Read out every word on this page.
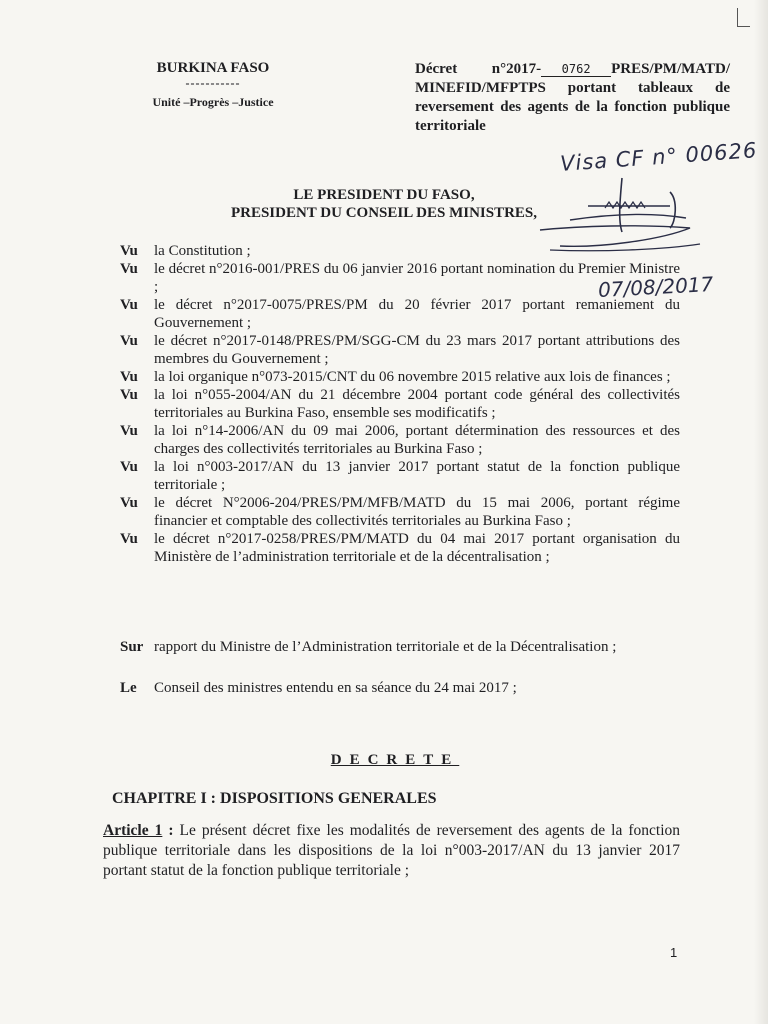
BURKINA FASO
-----------
Unité –Progrès –Justice
Décret n°2017- 0762 PRES/PM/MATD/ MINEFID/MFPTPS portant tableaux de reversement des agents de la fonction publique territoriale
Visa CF n° 00626
LE PRESIDENT DU FASO,
PRESIDENT DU CONSEIL DES MINISTRES,
Vu	la Constitution ;
Vu	le décret n°2016-001/PRES du 06 janvier 2016 portant nomination du Premier Ministre ;
Vu	le décret n°2017-0075/PRES/PM du 20 février 2017 portant remaniement du Gouvernement ;
Vu	le décret n°2017-0148/PRES/PM/SGG-CM du 23 mars 2017 portant attributions des membres du Gouvernement ;
Vu	la loi organique n°073-2015/CNT du 06 novembre 2015 relative aux lois de finances ;
Vu	la loi n°055-2004/AN du 21 décembre 2004 portant code général des collectivités territoriales au Burkina Faso, ensemble ses modificatifs ;
Vu	la loi n°14-2006/AN du 09 mai 2006, portant détermination des ressources et des charges des collectivités territoriales au Burkina Faso ;
Vu	la loi n°003-2017/AN du 13 janvier 2017 portant statut de la fonction publique territoriale ;
Vu	le décret N°2006-204/PRES/PM/MFB/MATD du 15 mai 2006, portant régime financier et comptable des collectivités territoriales au Burkina Faso ;
Vu	le décret n°2017-0258/PRES/PM/MATD du 04 mai 2017 portant organisation du Ministère de l’administration territoriale et de la décentralisation ;
07/08/2017
Sur rapport du Ministre de l’Administration territoriale et de la Décentralisation ;
Le	Conseil des ministres entendu en sa séance du 24 mai 2017 ;
DECRETE
CHAPITRE I : DISPOSITIONS GENERALES
Article 1 : Le présent décret fixe les modalités de reversement des agents de la fonction publique territoriale dans les dispositions de la loi n°003-2017/AN du 13 janvier 2017 portant statut de la fonction publique territoriale ;
1
